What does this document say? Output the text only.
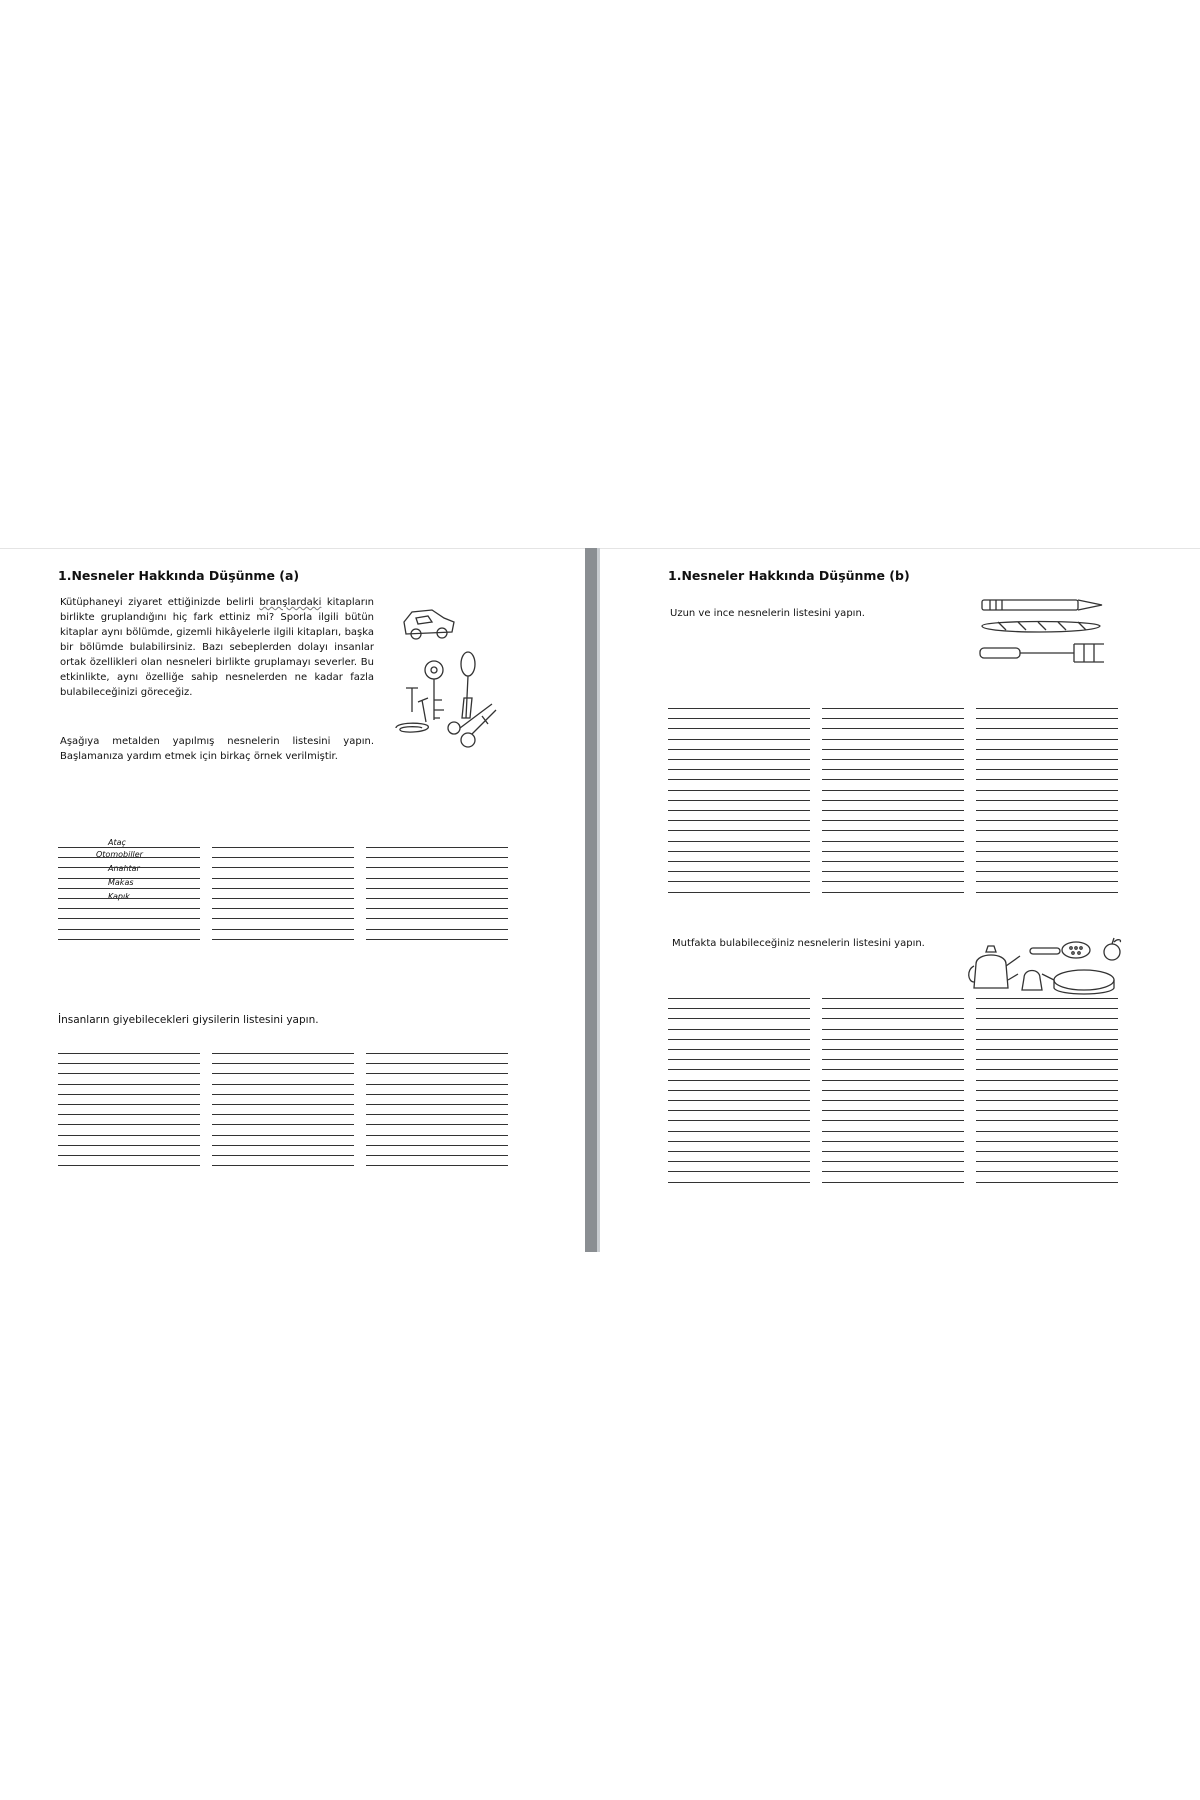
1.Nesneler Hakkında Düşünme (a)

Kütüphaneyi ziyaret ettiğinizde belirli branşlardaki kitapların birlikte gruplandığını hiç fark ettiniz mi? Sporla ilgili bütün kitaplar aynı bölümde, gizemli hikâyelerle ilgili kitapları, başka bir bölümde bulabilirsiniz. Bazı sebeplerden dolayı insanlar ortak özellikleri olan nesneleri birlikte gruplamayı severler. Bu etkinlikte, aynı özelliğe sahip nesnelerden ne kadar fazla bulabileceğinizi göreceğiz.

Aşağıya metalden yapılmış nesnelerin listesini yapın. Başlamanıza yardım etmek için birkaç örnek verilmiştir.

Ataç
Otomobiller
Anahtar
Makas
Kapık
İnsanların giyebilecekleri giysilerin listesini yapın.
1.Nesneler Hakkında Düşünme (b)
Uzun ve ince nesnelerin listesini yapın.
Mutfakta bulabileceğiniz nesnelerin listesini yapın.
